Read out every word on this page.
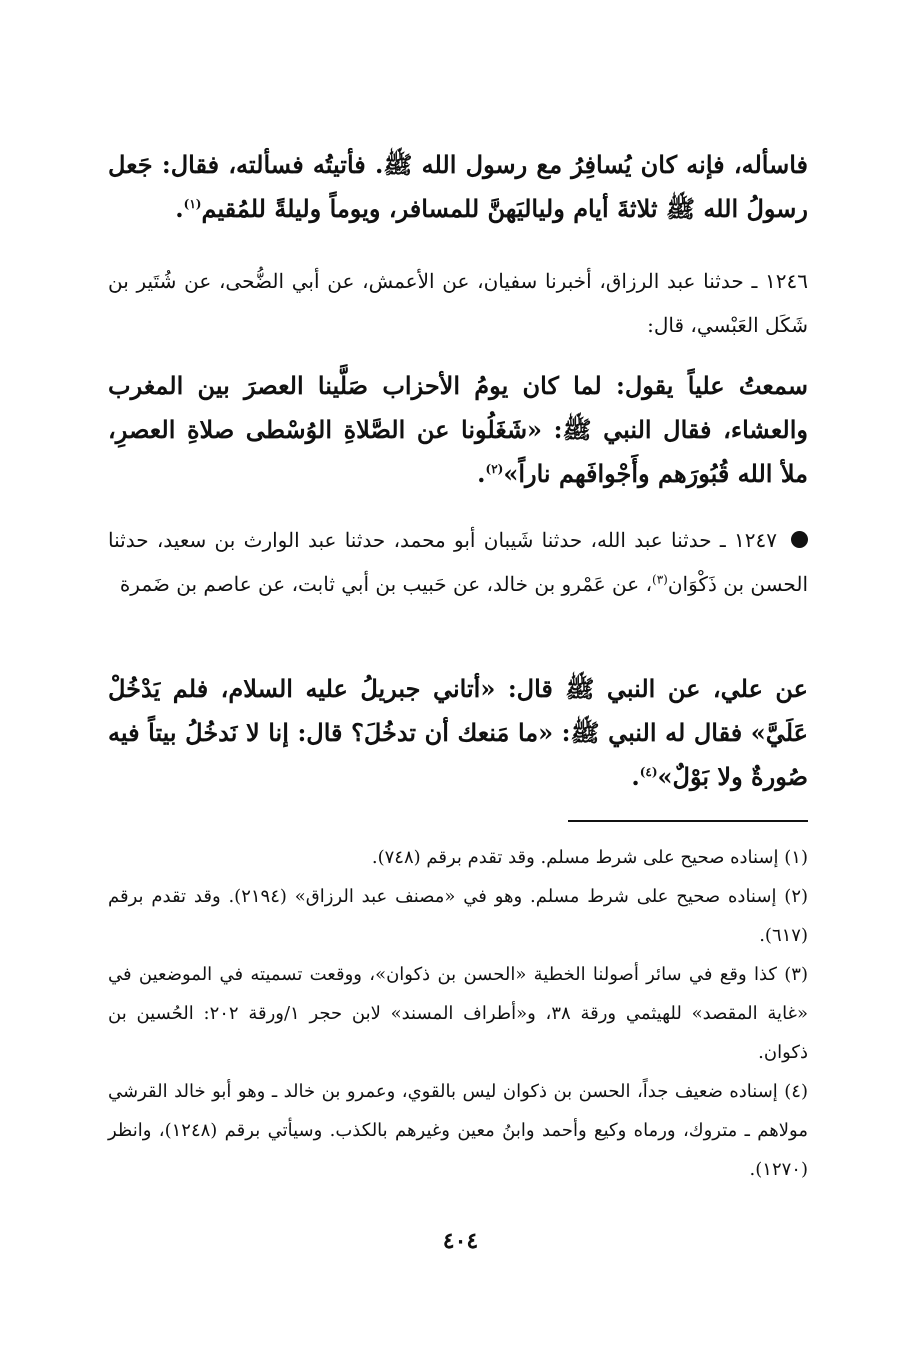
فاسأله، فإنه كان يُسافِرُ مع رسول الله ﷺ. فأتيتُه فسألته، فقال: جَعل رسولُ الله ﷺ ثلاثةَ أيام ولياليَهنَّ للمسافر، ويوماً وليلةً للمُقيم$^{(١)}$.

١٢٤٦ ـ حدثنا عبد الرزاق، أخبرنا سفيان، عن الأعمش، عن أبي الضُّحى، عن شُتَير بن شَكَل العَبْسي، قال:

سمعتُ علياً يقول: لما كان يومُ الأحزاب صَلَّينا العصرَ بين المغرب والعشاء، فقال النبي ﷺ: «شَغَلُونا عن الصَّلاةِ الوُسْطى صلاةِ العصرِ، ملأ الله قُبُورَهم وأَجْوافَهم ناراً»$^{(٢)}$.

١٢٤٧ ـ حدثنا عبد الله، حدثنا شَيبان أبو محمد، حدثنا عبد الوارث بن سعيد، حدثنا الحسن بن ذَكْوَان$^{(٣)}$، عن عَمْرو بن خالد، عن حَبيب بن أبي ثابت، عن عاصم بن ضَمرة

عن علي، عن النبي ﷺ قال: «أتاني جبريلُ عليه السلام، فلم يَدْخُلْ عَلَيَّ» فقال له النبي ﷺ: «ما مَنعك أن تدخُلَ؟ قال: إنا لا نَدخُلُ بيتاً فيه صُورةٌ ولا بَوْلٌ»$^{(٤)}$.

(١) إسناده صحيح على شرط مسلم. وقد تقدم برقم (٧٤٨).

(٢) إسناده صحيح على شرط مسلم. وهو في «مصنف عبد الرزاق» (٢١٩٤). وقد تقدم برقم (٦١٧).

(٣) كذا وقع في سائر أصولنا الخطية «الحسن بن ذكوان»، ووقعت تسميته في الموضعين في «غاية المقصد» للهيثمي ورقة ٣٨، و«أطراف المسند» لابن حجر ١/ورقة ٢٠٢: الحُسين بن ذكوان.

(٤) إسناده ضعيف جداً، الحسن بن ذكوان ليس بالقوي، وعمرو بن خالد ـ وهو أبو خالد القرشي مولاهم ـ متروك، ورماه وكيع وأحمد وابنُ معين وغيرهم بالكذب. وسيأتي برقم (١٢٤٨)، وانظر (١٢٧٠).

٤٠٤
